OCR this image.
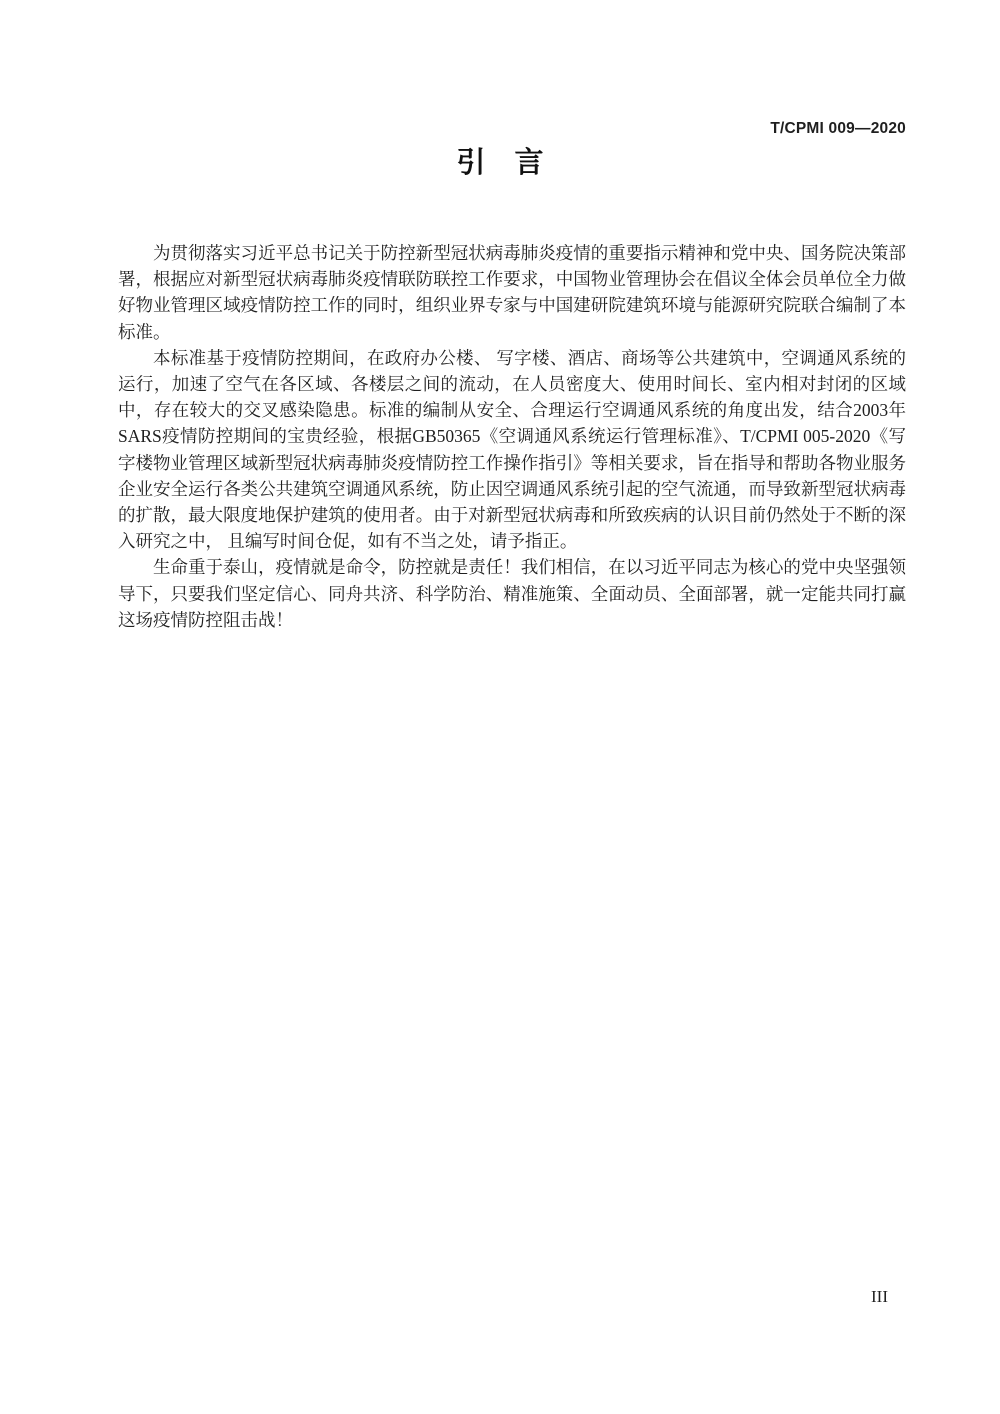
T/CPMI 009—2020
引　言

为贯彻落实习近平总书记关于防控新型冠状病毒肺炎疫情的重要指示精神和党中央、国务院决策部署，根据应对新型冠状病毒肺炎疫情联防联控工作要求，中国物业管理协会在倡议全体会员单位全力做好物业管理区域疫情防控工作的同时，组织业界专家与中国建研院建筑环境与能源研究院联合编制了本标准。

本标准基于疫情防控期间，在政府办公楼、 写字楼、酒店、商场等公共建筑中，空调通风系统的运行，加速了空气在各区域、各楼层之间的流动，在人员密度大、使用时间长、室内相对封闭的区域中，存在较大的交叉感染隐患。标准的编制从安全、合理运行空调通风系统的角度出发，结合2003年SARS疫情防控期间的宝贵经验，根据GB50365《空调通风系统运行管理标准》、T/CPMI 005-2020《写字楼物业管理区域新型冠状病毒肺炎疫情防控工作操作指引》等相关要求，旨在指导和帮助各物业服务企业安全运行各类公共建筑空调通风系统，防止因空调通风系统引起的空气流通，而导致新型冠状病毒的扩散，最大限度地保护建筑的使用者。由于对新型冠状病毒和所致疾病的认识目前仍然处于不断的深入研究之中， 且编写时间仓促，如有不当之处，请予指正。

生命重于泰山，疫情就是命令，防控就是责任！我们相信，在以习近平同志为核心的党中央坚强领导下，只要我们坚定信心、同舟共济、科学防治、精准施策、全面动员、全面部署，就一定能共同打赢这场疫情防控阻击战！

III
